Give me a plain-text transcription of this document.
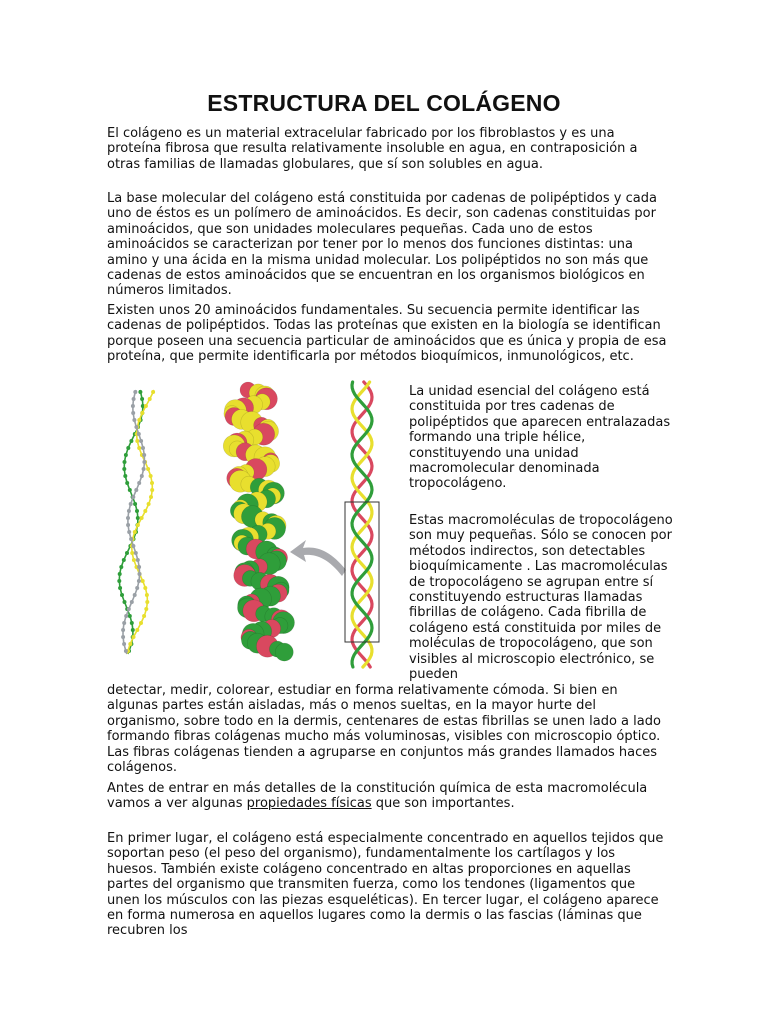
ESTRUCTURA DEL COLÁGENO

El colágeno es un material extracelular fabricado por los fibroblastos y es una proteína fibrosa que resulta relativamente insoluble en agua, en contraposición a otras familias de llamadas globulares, que sí son solubles en agua.

La base molecular del colágeno está constituida por cadenas de polipéptidos y cada uno de éstos es un polímero de aminoácidos. Es decir, son cadenas constituidas por aminoácidos, que son unidades moleculares pequeñas. Cada uno de estos aminoácidos se caracterizan por tener por lo menos dos funciones distintas: una amino y una ácida en la misma unidad molecular. Los polipéptidos no son más que cadenas de estos aminoácidos que se encuentran en los organismos biológicos en números limitados.

Existen unos 20 aminoácidos fundamentales. Su secuencia permite identificar las cadenas de polipéptidos. Todas las proteínas que existen en la biología se identifican porque poseen una secuencia particular de aminoácidos que es única y propia de esa proteína, que permite identificarla por métodos bioquímicos, inmunológicos, etc.

La unidad esencial del colágeno está constituida por tres cadenas de polipéptidos que aparecen entralazadas formando una triple hélice, constituyendo una unidad macromolecular denominada tropocolágeno.

Estas macromoléculas de tropocolágeno son muy pequeñas. Sólo se conocen por métodos indirectos, son detectables bioquímicamente . Las macromoléculas de tropocolágeno se agrupan entre sí constituyendo estructuras llamadas fibrillas de colágeno. Cada fibrilla de colágeno está constituida por miles de moléculas de tropocolágeno, que son visibles al microscopio electrónico, se pueden

detectar, medir, colorear, estudiar en forma relativamente cómoda. Si bien en algunas partes están aisladas, más o menos sueltas, en la mayor hurte del organismo, sobre todo en la dermis, centenares de estas fibrillas se unen lado a lado formando fibras colágenas mucho más voluminosas, visibles con microscopio óptico. Las fibras colágenas tienden a agruparse en conjuntos más grandes llamados haces colágenos.

Antes de entrar en más detalles de la constitución química de esta macromolécula vamos a ver algunas propiedades físicas que son importantes.

En primer lugar, el colágeno está especialmente concentrado en aquellos tejidos que soportan peso (el peso del organismo), fundamentalmente los cartílagos y los huesos. También existe colágeno concentrado en altas proporciones en aquellas partes del organismo que transmiten fuerza, como los tendones (ligamentos que unen los músculos con las piezas esqueléticas). En tercer lugar, el colágeno aparece en forma numerosa en aquellos lugares como la dermis o las fascias (láminas que recubren los
